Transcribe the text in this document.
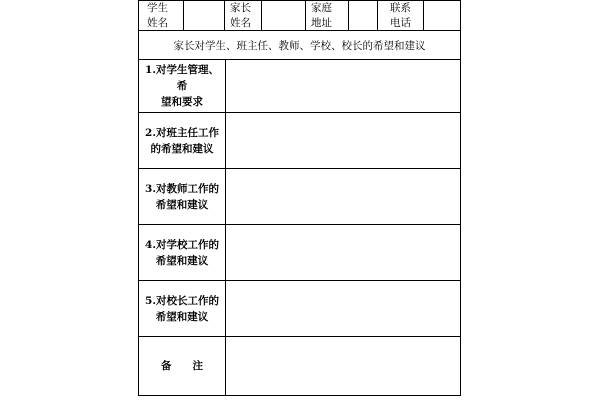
学生
姓名
家长
姓名
家庭
地址
联系
电话
家长对学生、班主任、教师、学校、校长的希望和建议
1.对学生管理、希
望和要求
2.对班主任工作
的希望和建议
3.对教师工作的
希望和建议
4.对学校工作的
希望和建议
5.对校长工作的
希望和建议
备　　注
